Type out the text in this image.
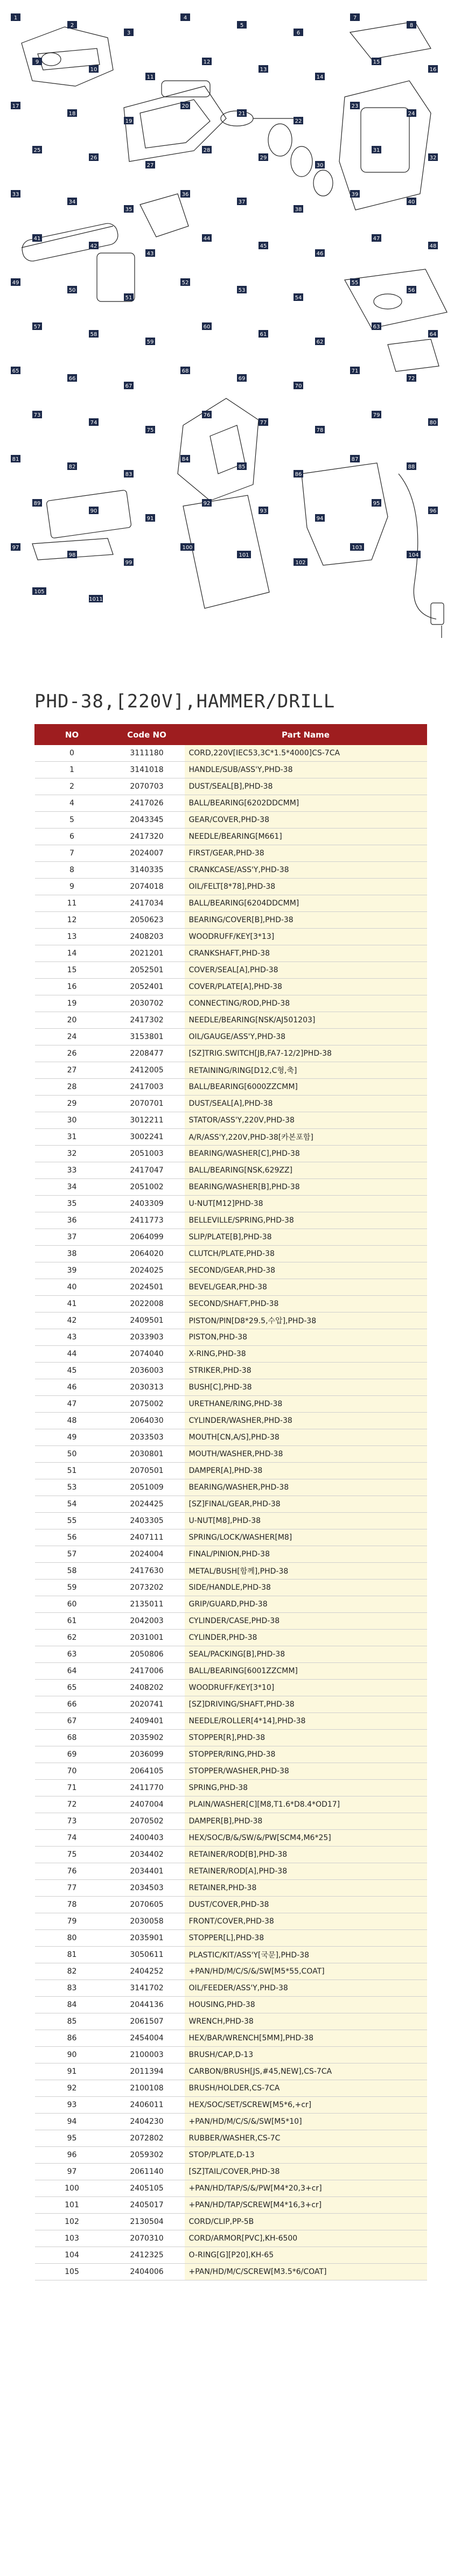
1
2
3
4
5
6
7
8
9
10
11
12
13
14
15
16
17
18
19
20
21
22
23
24
25
26
27
28
29
30
31
32
33
34
35
36
37
38
39
40
41
42
43
44
45
46
47
48
49
50
51
52
53
54
55
56
57
58
59
60
61
62
63
64
65
66
67
68
69
70
71
72
73
74
75
76
77
78
79
80
81
82
83
84
85
86
87
88
89
90
91
92
93
94
95
96
97
98
99
100
101
102
103
104
105
1011
PHD-38,[220V],HAMMER/DRILL
NO	Code NO	Part Name
0	3111180	CORD,220V[IEC53,3C*1.5*4000]CS-7CA
1	3141018	HANDLE/SUB/ASS'Y,PHD-38
2	2070703	DUST/SEAL[B],PHD-38
4	2417026	BALL/BEARING[6202DDCMM]
5	2043345	GEAR/COVER,PHD-38
6	2417320	NEEDLE/BEARING[M661]
7	2024007	FIRST/GEAR,PHD-38
8	3140335	CRANKCASE/ASS'Y,PHD-38
9	2074018	OIL/FELT[8*78],PHD-38
11	2417034	BALL/BEARING[6204DDCMM]
12	2050623	BEARING/COVER[B],PHD-38
13	2408203	WOODRUFF/KEY[3*13]
14	2021201	CRANKSHAFT,PHD-38
15	2052501	COVER/SEAL[A],PHD-38
16	2052401	COVER/PLATE[A],PHD-38
19	2030702	CONNECTING/ROD,PHD-38
20	2417302	NEEDLE/BEARING[NSK/AJ501203]
24	3153801	OIL/GAUGE/ASS'Y,PHD-38
26	2208477	[SZ]TRIG.SWITCH[JB,FA7-12/2]PHD-38
27	2412005	RETAINING/RING[D12,C형,축]
28	2417003	BALL/BEARING[6000ZZCMM]
29	2070701	DUST/SEAL[A],PHD-38
30	3012211	STATOR/ASS'Y,220V,PHD-38
31	3002241	A/R/ASS'Y,220V,PHD-38[카본포함]
32	2051003	BEARING/WASHER[C],PHD-38
33	2417047	BALL/BEARING[NSK,629ZZ]
34	2051002	BEARING/WASHER[B],PHD-38
35	2403309	U-NUT[M12]PHD-38
36	2411773	BELLEVILLE/SPRING,PHD-38
37	2064099	SLIP/PLATE[B],PHD-38
38	2064020	CLUTCH/PLATE,PHD-38
39	2024025	SECOND/GEAR,PHD-38
40	2024501	BEVEL/GEAR,PHD-38
41	2022008	SECOND/SHAFT,PHD-38
42	2409501	PISTON/PIN[D8*29.5,수압],PHD-38
43	2033903	PISTON,PHD-38
44	2074040	X-RING,PHD-38
45	2036003	STRIKER,PHD-38
46	2030313	BUSH[C],PHD-38
47	2075002	URETHANE/RING,PHD-38
48	2064030	CYLINDER/WASHER,PHD-38
49	2033503	MOUTH[CN,A/S],PHD-38
50	2030801	MOUTH/WASHER,PHD-38
51	2070501	DAMPER[A],PHD-38
53	2051009	BEARING/WASHER,PHD-38
54	2024425	[SZ]FINAL/GEAR,PHD-38
55	2403305	U-NUT[M8],PHD-38
56	2407111	SPRING/LOCK/WASHER[M8]
57	2024004	FINAL/PINION,PHD-38
58	2417630	METAL/BUSH[함께],PHD-38
59	2073202	SIDE/HANDLE,PHD-38
60	2135011	GRIP/GUARD,PHD-38
61	2042003	CYLINDER/CASE,PHD-38
62	2031001	CYLINDER,PHD-38
63	2050806	SEAL/PACKING[B],PHD-38
64	2417006	BALL/BEARING[6001ZZCMM]
65	2408202	WOODRUFF/KEY[3*10]
66	2020741	[SZ]DRIVING/SHAFT,PHD-38
67	2409401	NEEDLE/ROLLER[4*14],PHD-38
68	2035902	STOPPER[R],PHD-38
69	2036099	STOPPER/RING,PHD-38
70	2064105	STOPPER/WASHER,PHD-38
71	2411770	SPRING,PHD-38
72	2407004	PLAIN/WASHER[C][M8,T1.6*D8.4*OD17]
73	2070502	DAMPER[B],PHD-38
74	2400403	HEX/SOC/B/&/SW/&/PW[SCM4,M6*25]
75	2034402	RETAINER/ROD[B],PHD-38
76	2034401	RETAINER/ROD[A],PHD-38
77	2034503	RETAINER,PHD-38
78	2070605	DUST/COVER,PHD-38
79	2030058	FRONT/COVER,PHD-38
80	2035901	STOPPER[L],PHD-38
81	3050611	PLASTIC/KIT/ASS'Y[국문],PHD-38
82	2404252	+PAN/HD/M/C/S/&/SW[M5*55,COAT]
83	3141702	OIL/FEEDER/ASS'Y,PHD-38
84	2044136	HOUSING,PHD-38
85	2061507	WRENCH,PHD-38
86	2454004	HEX/BAR/WRENCH[5MM],PHD-38
90	2100003	BRUSH/CAP,D-13
91	2011394	CARBON/BRUSH[JS,#45,NEW],CS-7CA
92	2100108	BRUSH/HOLDER,CS-7CA
93	2406011	HEX/SOC/SET/SCREW[M5*6,+cr]
94	2404230	+PAN/HD/M/C/S/&/SW[M5*10]
95	2072802	RUBBER/WASHER,CS-7C
96	2059302	STOP/PLATE,D-13
97	2061140	[SZ]TAIL/COVER,PHD-38
100	2405105	+PAN/HD/TAP/S/&/PW[M4*20,3+cr]
101	2405017	+PAN/HD/TAP/SCREW[M4*16,3+cr]
102	2130504	CORD/CLIP,PP-5B
103	2070310	CORD/ARMOR[PVC],KH-6500
104	2412325	O-RING[G][P20],KH-65
105	2404006	+PAN/HD/M/C/SCREW[M3.5*6/COAT]
